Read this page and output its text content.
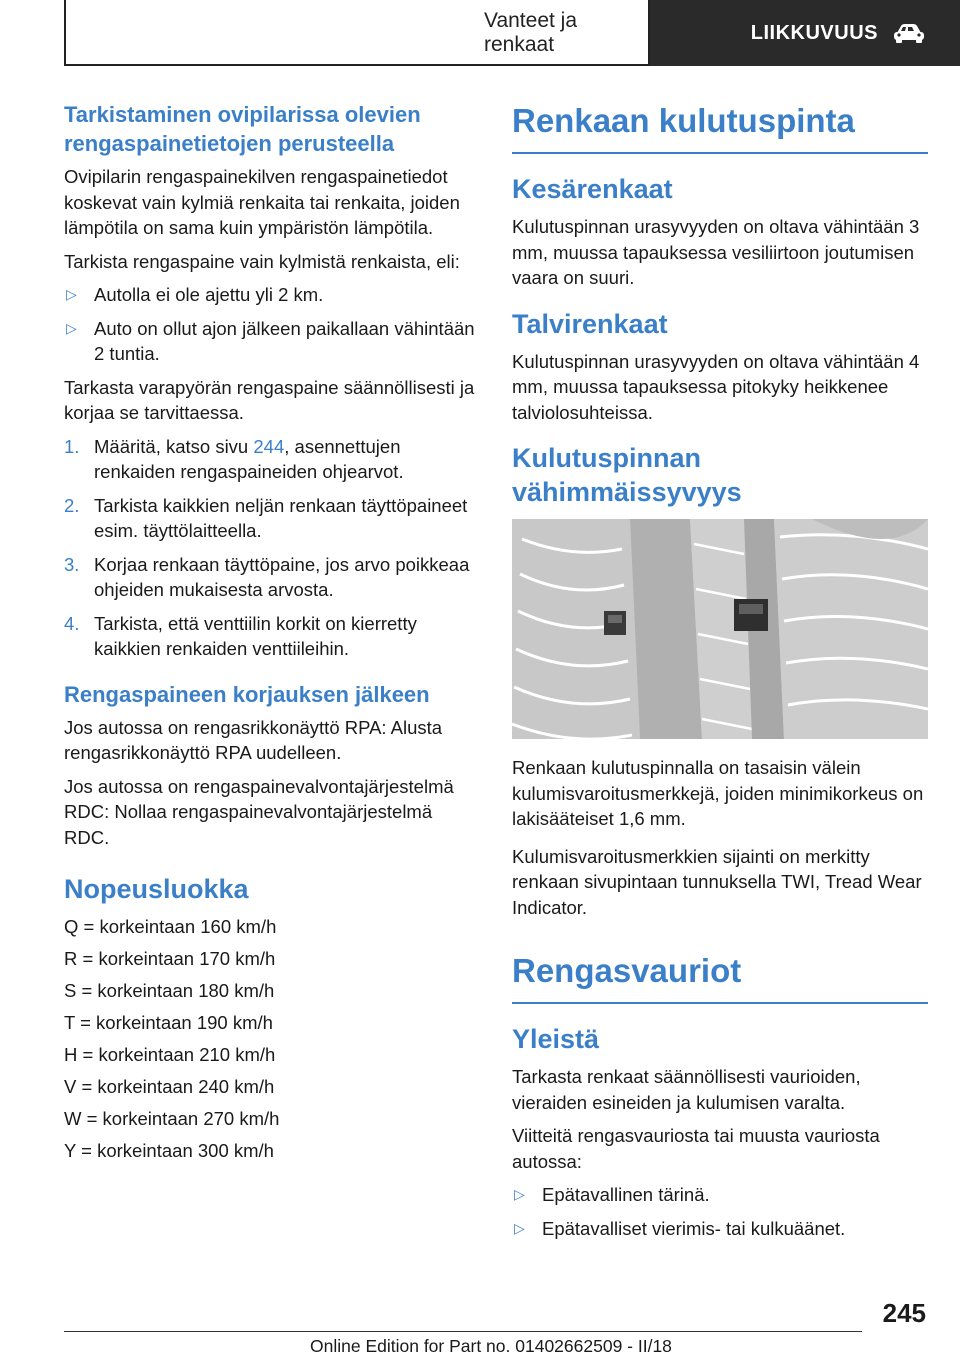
Vanteet ja renkaat
LIIKKUVUUS
Tarkistaminen ovipilarissa olevien rengaspainetietojen perusteella
Ovipilarin rengaspainekilven rengaspainetiedot koskevat vain kylmiä renkaita tai renkaita, joiden lämpötila on sama kuin ympäristön lämpötila.
Tarkista rengaspaine vain kylmistä renkaista, eli:
▷ Autolla ei ole ajettu yli 2 km.
▷ Auto on ollut ajon jälkeen paikallaan vähintään 2 tuntia.
Tarkasta varapyörän rengaspaine säännöllisesti ja korjaa se tarvittaessa.
1. Määritä, katso sivu 244, asennettujen renkaiden rengaspaineiden ohjearvot.
2. Tarkista kaikkien neljän renkaan täyttöpaineet esim. täyttölaitteella.
3. Korjaa renkaan täyttöpaine, jos arvo poikkeaa ohjeiden mukaisesta arvosta.
4. Tarkista, että venttiilin korkit on kierretty kaikkien renkaiden venttiileihin.
Rengaspaineen korjauksen jälkeen
Jos autossa on rengasrikkonäyttö RPA: Alusta rengasrikkonäyttö RPA uudelleen.
Jos autossa on rengaspainevalvontajärjestelmä RDC: Nollaa rengaspainevalvontajärjestelmä RDC.
Nopeusluokka
Q = korkeintaan 160 km/h
R = korkeintaan 170 km/h
S = korkeintaan 180 km/h
T = korkeintaan 190 km/h
H = korkeintaan 210 km/h
V = korkeintaan 240 km/h
W = korkeintaan 270 km/h
Y = korkeintaan 300 km/h
Renkaan kulutuspinta
Kesärenkaat
Kulutuspinnan urasyvyyden on oltava vähintään 3 mm, muussa tapauksessa vesiliirtoon joutumisen vaara on suuri.
Talvirenkaat
Kulutuspinnan urasyvyyden on oltava vähintään 4 mm, muussa tapauksessa pitokyky heikkenee talviolosuhteissa.
Kulutuspinnan vähimmäissyvyys
Renkaan kulutuspinnalla on tasaisin välein kulumisvaroitusmerkkejä, joiden minimikorkeus on lakisääteiset 1,6 mm.
Kulumisvaroitusmerkkien sijainti on merkitty renkaan sivupintaan tunnuksella TWI, Tread Wear Indicator.
Rengasvauriot
Yleistä
Tarkasta renkaat säännöllisesti vaurioiden, vieraiden esineiden ja kulumisen varalta.
Viitteitä rengasvauriosta tai muusta vauriosta autossa:
▷ Epätavallinen tärinä.
▷ Epätavalliset vierimis- tai kulkuäänet.
245
Online Edition for Part no. 01402662509 - II/18
